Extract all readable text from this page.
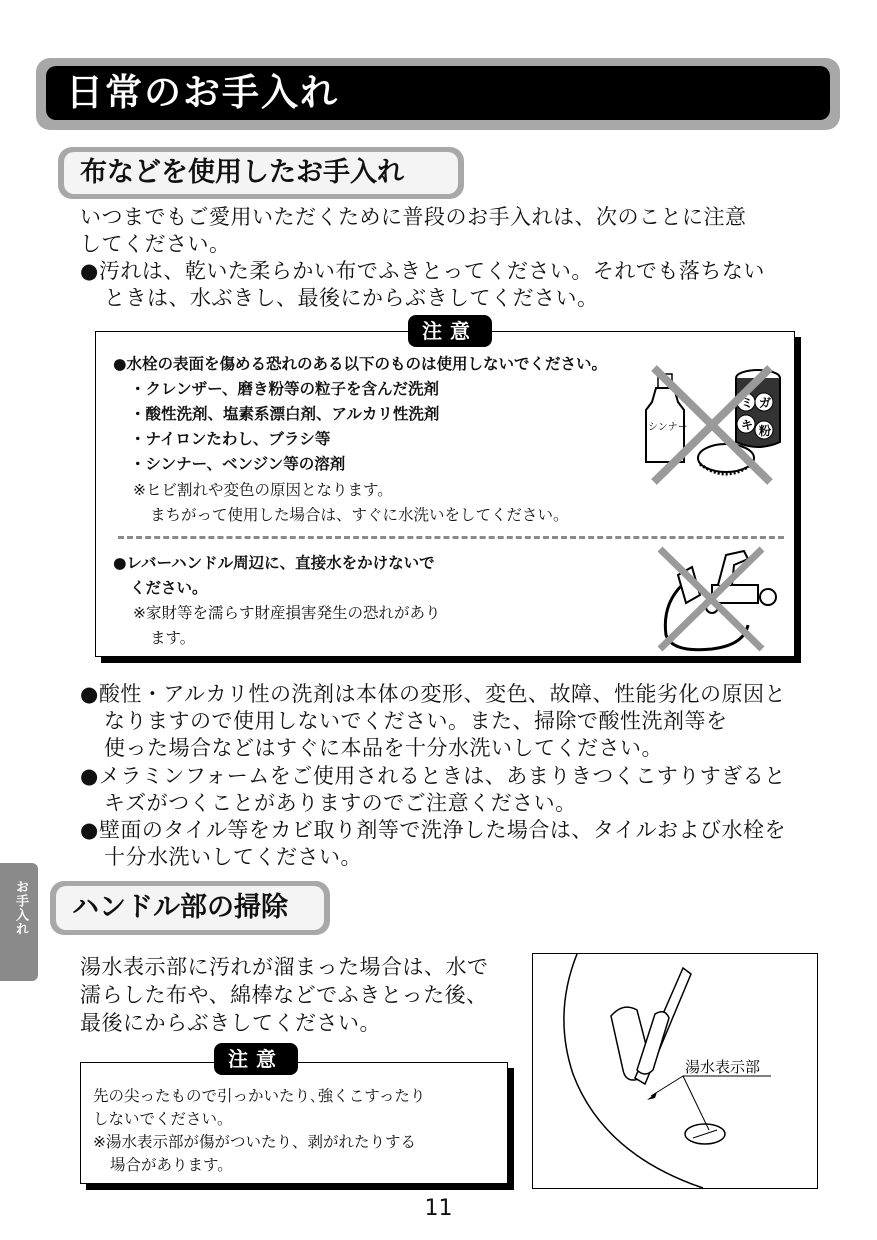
日常のお手入れ
布などを使用したお手入れ
いつまでもご愛用いただくために普段のお手入れは、次のことに注意
してください。
●汚れは、乾いた柔らかい布でふきとってください。それでも落ちない
ときは、水ぶきし、最後にからぶきしてください。
注意
●水栓の表面を傷める恐れのある以下のものは使用しないでください。
・クレンザー、磨き粉等の粒子を含んだ洗剤
・酸性洗剤、塩素系漂白剤、アルカリ性洗剤
・ナイロンたわし、ブラシ等
・シンナー、ベンジン等の溶剤
※ヒビ割れや変色の原因となります。
まちがって使用した場合は、すぐに水洗いをしてください。
シンナー
ミ ガ
キ 粉
●レバーハンドル周辺に、直接水をかけないで
ください。
※家財等を濡らす財産損害発生の恐れがあり
ます。
●酸性・アルカリ性の洗剤は本体の変形、変色、故障、性能劣化の原因と
なりますので使用しないでください。また、掃除で酸性洗剤等を
使った場合などはすぐに本品を十分水洗いしてください。
●メラミンフォームをご使用されるときは、あまりきつくこすりすぎると
キズがつくことがありますのでご注意ください。
●壁面のタイル等をカビ取り剤等で洗浄した場合は、タイルおよび水栓を
十分水洗いしてください。
お手入れ	ハンドル部の掃除
湯水表示部に汚れが溜まった場合は、水で
濡らした布や、綿棒などでふきとった後、
最後にからぶきしてください。
注意
先の尖ったもので引っかいたり､強くこすったり
しないでください｡
※湯水表示部が傷がついたり、剥がれたりする
場合があります。
湯水表示部
11
